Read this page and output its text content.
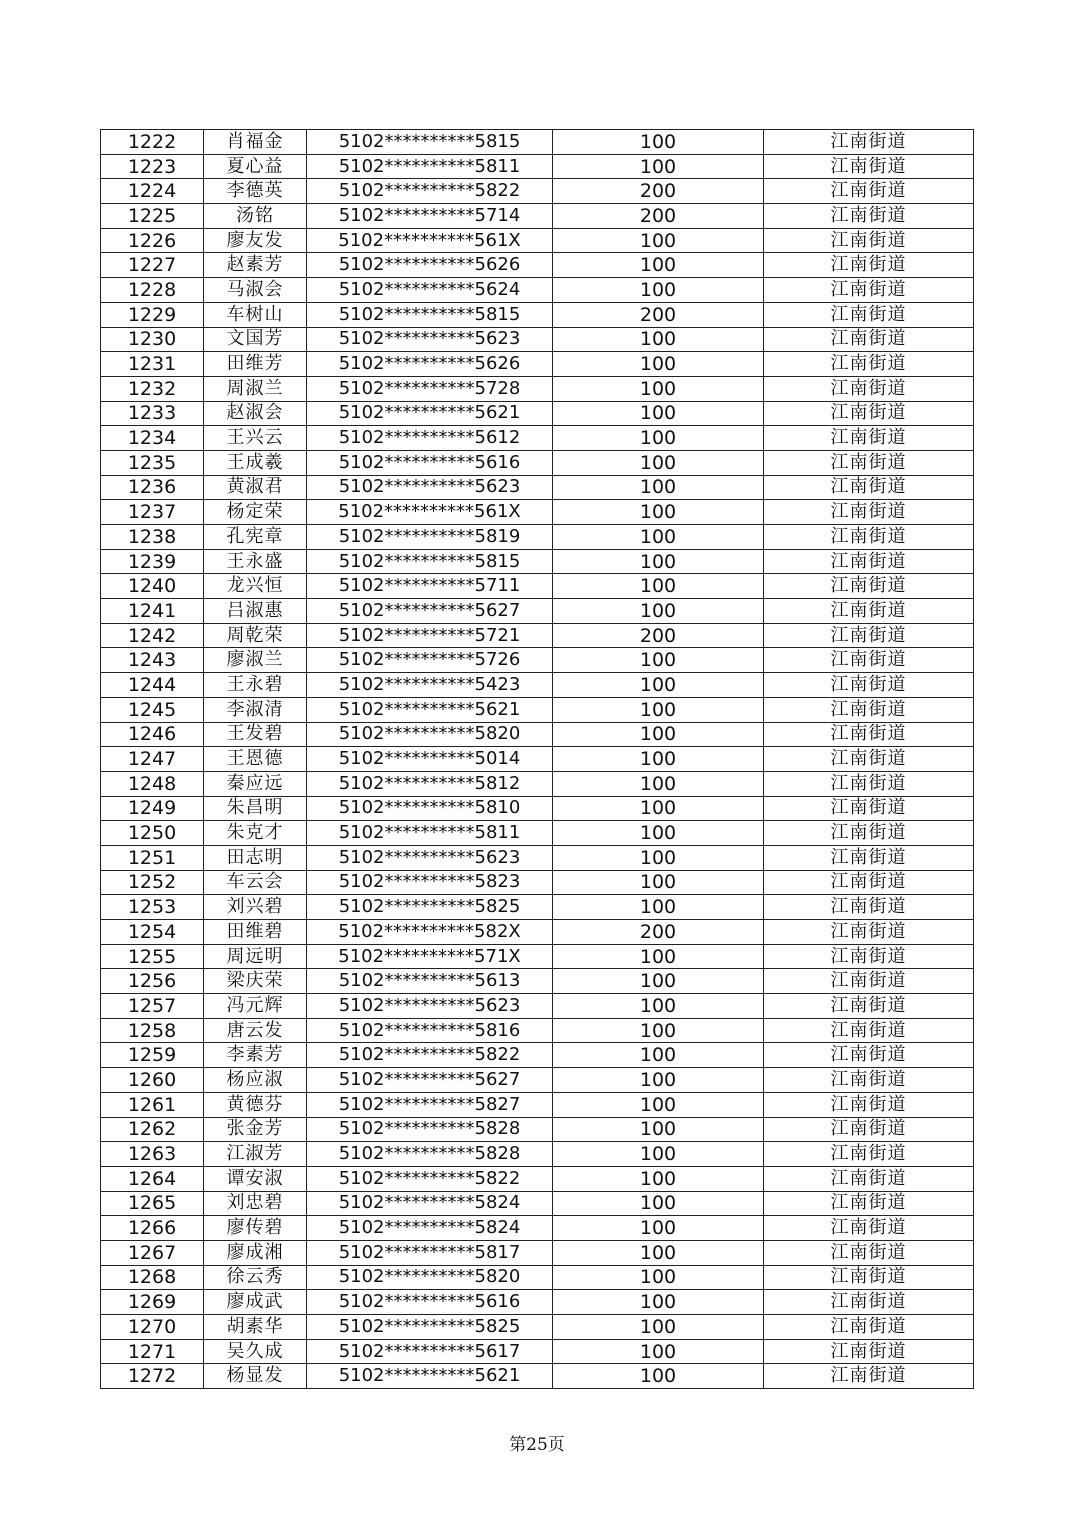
1222	肖福金	5102**********5815	100	江南街道
1223	夏心益	5102**********5811	100	江南街道
1224	李德英	5102**********5822	200	江南街道
1225	汤铭	5102**********5714	200	江南街道
1226	廖友发	5102**********561X	100	江南街道
1227	赵素芳	5102**********5626	100	江南街道
1228	马淑会	5102**********5624	100	江南街道
1229	车树山	5102**********5815	200	江南街道
1230	文国芳	5102**********5623	100	江南街道
1231	田维芳	5102**********5626	100	江南街道
1232	周淑兰	5102**********5728	100	江南街道
1233	赵淑会	5102**********5621	100	江南街道
1234	王兴云	5102**********5612	100	江南街道
1235	王成羲	5102**********5616	100	江南街道
1236	黄淑君	5102**********5623	100	江南街道
1237	杨定荣	5102**********561X	100	江南街道
1238	孔宪章	5102**********5819	100	江南街道
1239	王永盛	5102**********5815	100	江南街道
1240	龙兴恒	5102**********5711	100	江南街道
1241	吕淑惠	5102**********5627	100	江南街道
1242	周乾荣	5102**********5721	200	江南街道
1243	廖淑兰	5102**********5726	100	江南街道
1244	王永碧	5102**********5423	100	江南街道
1245	李淑清	5102**********5621	100	江南街道
1246	王发碧	5102**********5820	100	江南街道
1247	王恩德	5102**********5014	100	江南街道
1248	秦应远	5102**********5812	100	江南街道
1249	朱昌明	5102**********5810	100	江南街道
1250	朱克才	5102**********5811	100	江南街道
1251	田志明	5102**********5623	100	江南街道
1252	车云会	5102**********5823	100	江南街道
1253	刘兴碧	5102**********5825	100	江南街道
1254	田维碧	5102**********582X	200	江南街道
1255	周远明	5102**********571X	100	江南街道
1256	梁庆荣	5102**********5613	100	江南街道
1257	冯元辉	5102**********5623	100	江南街道
1258	唐云发	5102**********5816	100	江南街道
1259	李素芳	5102**********5822	100	江南街道
1260	杨应淑	5102**********5627	100	江南街道
1261	黄德芬	5102**********5827	100	江南街道
1262	张金芳	5102**********5828	100	江南街道
1263	江淑芳	5102**********5828	100	江南街道
1264	谭安淑	5102**********5822	100	江南街道
1265	刘忠碧	5102**********5824	100	江南街道
1266	廖传碧	5102**********5824	100	江南街道
1267	廖成湘	5102**********5817	100	江南街道
1268	徐云秀	5102**********5820	100	江南街道
1269	廖成武	5102**********5616	100	江南街道
1270	胡素华	5102**********5825	100	江南街道
1271	吴久成	5102**********5617	100	江南街道
1272	杨显发	5102**********5621	100	江南街道
第25页
